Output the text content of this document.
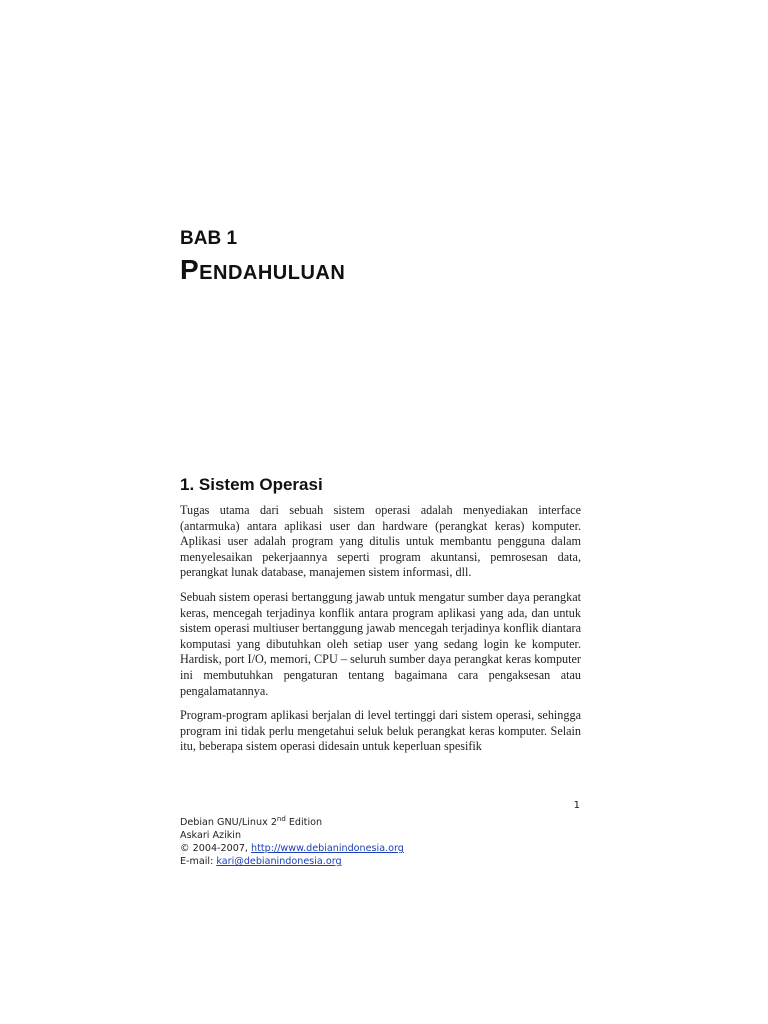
BAB 1
Pendahuluan
1. Sistem Operasi

Tugas utama dari sebuah sistem operasi adalah menyediakan interface (antarmuka) antara aplikasi user dan hardware (perangkat keras) komputer. Aplikasi user adalah program yang ditulis untuk membantu pengguna dalam menyelesaikan pekerjaannya seperti program akuntansi, pemrosesan data, perangkat lunak database, manajemen sistem informasi, dll.

Sebuah sistem operasi bertanggung jawab untuk mengatur sumber daya perangkat keras, mencegah terjadinya konflik antara program aplikasi yang ada, dan untuk sistem operasi multiuser bertanggung jawab mencegah terjadinya konflik diantara komputasi yang dibutuhkan oleh setiap user yang sedang login ke komputer. Hardisk, port I/O, memori, CPU – seluruh sumber daya perangkat keras komputer ini membutuhkan pengaturan tentang bagaimana cara pengaksesan atau pengalamatannya.

Program-program aplikasi berjalan di level tertinggi dari sistem operasi, sehingga program ini tidak perlu mengetahui seluk beluk perangkat keras komputer. Selain itu, beberapa sistem operasi didesain untuk keperluan spesifik

1
Debian GNU/Linux 2nd Edition
Askari Azikin
© 2004-2007, http://www.debianindonesia.org
E-mail: kari@debianindonesia.org
